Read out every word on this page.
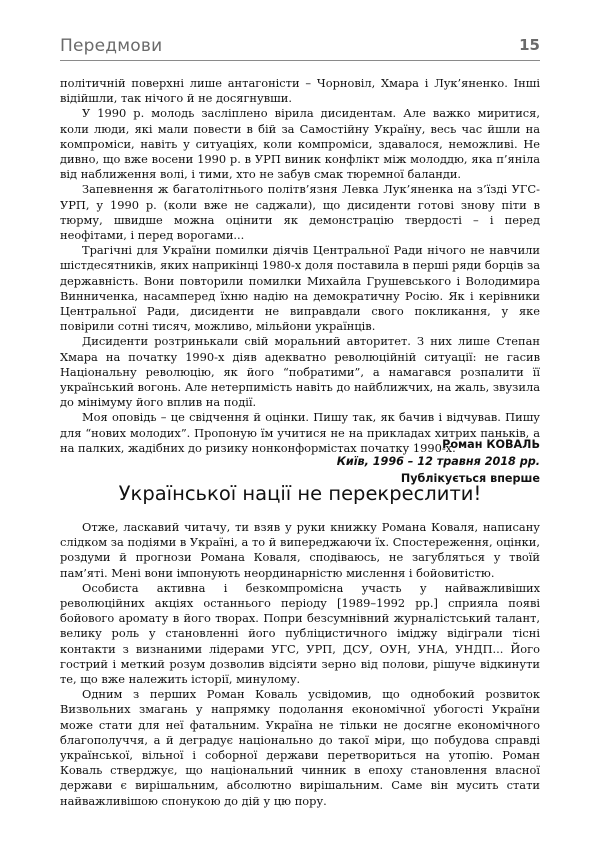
Передмови	15

політичній поверхні лише антагоністи – Чорновіл, Хмара і Лук’яненко. Інші відійшли, так нічого й не досягнувши.

У 1990 р. молодь засліплено вірила дисидентам. Але важко миритися, коли люди, які мали повести в бій за Самостійну Україну, весь час йшли на компроміси, навіть у ситуаціях, коли компроміси, здавалося, неможливі. Не дивно, що вже восени 1990 р. в УРП виник конфлікт між молоддю, яка п’яніла від наближення волі, і тими, хто не забув смак тюремної баланди.

Запевнення ж багатолітнього політв’язня Левка Лук’яненка на з’їзді УГС-УРП, у 1990 р. (коли вже не саджали), що дисиденти готові знову піти в тюрму, швидше можна оцінити як демонстрацію твердості – і перед неофітами, і перед ворогами...

Трагічні для України помилки діячів Центральної Ради нічого не навчили шістдесятників, яких наприкінці 1980-х доля поставила в перші ряди борців за державність. Вони повторили помилки Михайла Грушевського і Володимира Винниченка, насамперед їхню надію на демократичну Росію. Як і керівники Центральної Ради, дисиденти не виправдали свого покликання, у яке повірили сотні тисяч, можливо, мільйони українців.

Дисиденти розтринькали свій моральний авторитет. З них лише Степан Хмара на початку 1990-х діяв адекватно революційній ситуації: не гасив Національну революцію, як його “побратими”, а намагався розпалити її український вогонь. Але нетерпимість навіть до найближчих, на жаль, звузила до мінімуму його вплив на події.

Моя оповідь – це свідчення й оцінки. Пишу так, як бачив і відчував. Пишу для “нових молодих”. Пропоную їм учитися не на прикладах хитрих паньків, а на палких, жадібних до ризику нонконформістах початку 1990-х.

Роман КОВАЛЬ
Київ, 1996 – 12 травня 2018 рр.
Публікується вперше
Української нації не перекреслити!

Отже, ласкавий читачу, ти взяв у руки книжку Романа Коваля, написану слідком за подіями в Україні, а то й випереджаючи їх. Спостереження, оцінки, роздуми й прогнози Романа Коваля, сподіваюсь, не загубляться у твоїй пам’яті. Мені вони імпонують неординарністю мислення і бойовитістю.

Особиста активна і безкомпромісна участь у найважливіших революційних акціях останнього періоду [1989–1992 рр.] сприяла появі бойового аромату в його творах. Попри безсумнівний журналістський талант, велику роль у становленні його публіцистичного іміджу відіграли тісні контакти з визнаними лідерами УГС, УРП, ДСУ, ОУН, УНА, УНДП... Його гострий і меткий розум дозволив відсіяти зерно від полови, рішуче відкинути те, що вже належить історії, минулому.

Одним з перших Роман Коваль усвідомив, що однобокий розвиток Визвольних змагань у напрямку подолання економічної убогості України може стати для неї фатальним. Україна не тільки не досягне економічного благополуччя, а й деградує національно до такої міри, що побудова справді української, вільної і соборної держави перетвориться на утопію. Роман Коваль стверджує, що національний чинник в епоху становлення власної держави є вирішальним, абсолютно вирішальним. Саме він мусить стати найважливішою спонукою до дій у цю пору.
